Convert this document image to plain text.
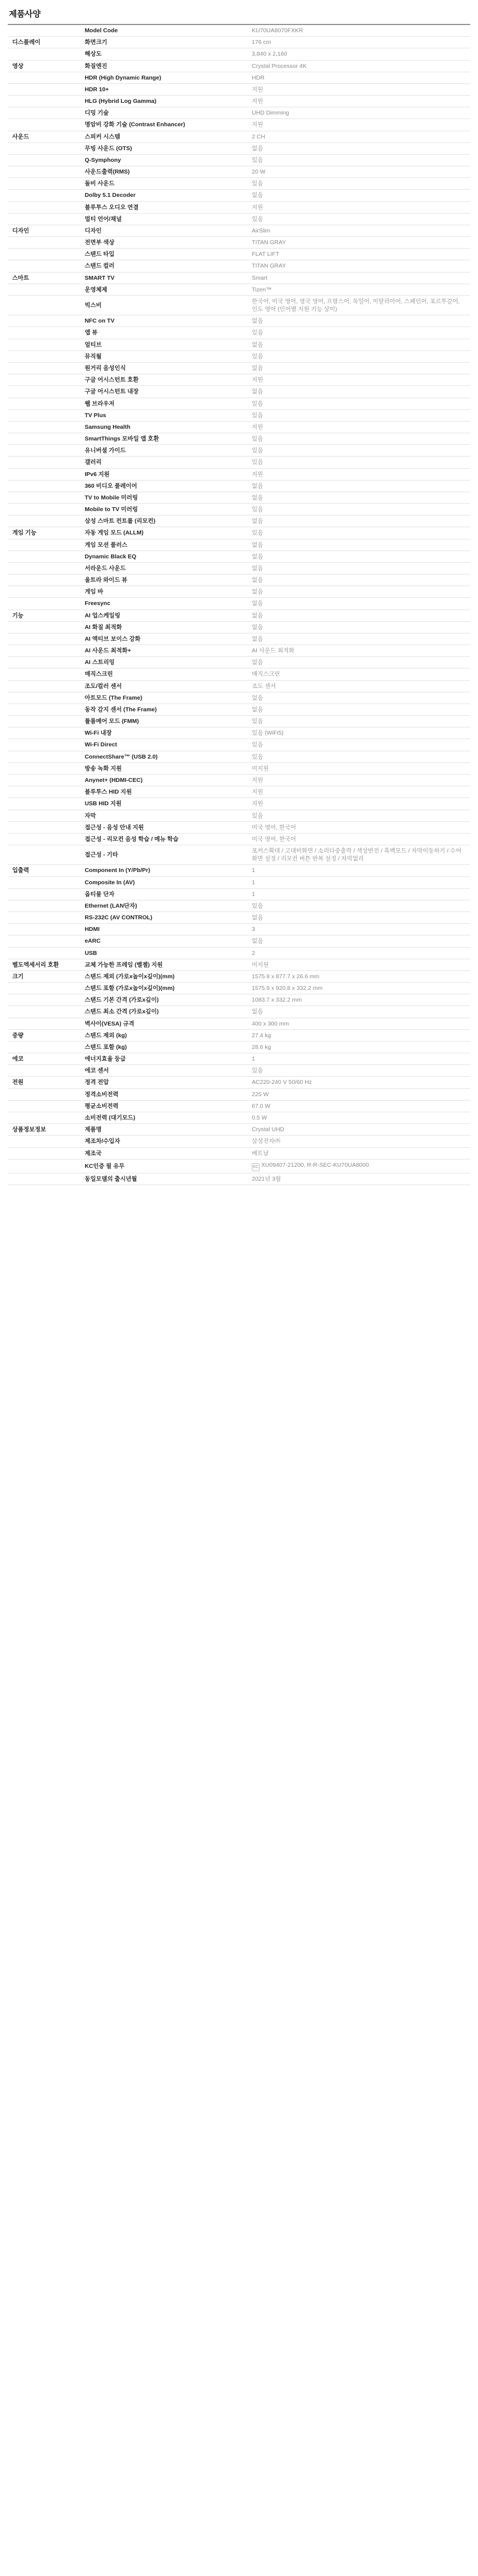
제품사양
	Model Code	KU70UA8070FXKR
디스플레이	화면크기	176 cm
	해상도	3,840 x 2,160
영상	화질엔진	Crystal Processor 4K
	HDR (High Dynamic Range)	HDR
	HDR 10+	지원
	HLG (Hybrid Log Gamma)	지원
	디밍 기술	UHD Dimming
	명암비 강화 기술 (Contrast Enhancer)	지원
사운드	스피커 시스템	2 CH
	무빙 사운드 (OTS)	없음
	Q-Symphony	있음
	사운드출력(RMS)	20 W
	돌비 사운드	있음
	Dolby 5.1 Decoder	없음
	블루투스 오디오 연결	지원
	멀티 언어/채널	있음
디자인	디자인	AirSlim
	전면부 색상	TITAN GRAY
	스탠드 타입	FLAT LIFT
	스탠드 컬러	TITAN GRAY
스마트	SMART TV	Smart
	운영체제	Tizen™
	빅스비	한국어, 미국 영어, 영국 영어, 프랑스어, 독일어, 이탈리아어, 스페인어, 포르투갈어, 인도 영어 (인어별 지원 기능 상이)
	NFC on TV	없음
	앱 뷰	있음
	얼티브	없음
	뮤직월	있음
	원거리 음성인식	없음
	구글 어시스턴트 호환	지원
	구글 어시스턴트 내장	없음
	웹 브라우저	있음
	TV Plus	있음
	Samsung Health	지원
	SmartThings 모바일 앱 호환	있음
	유니버셜 가이드	있음
	갤러리	있음
	IPv6 지원	지원
	360 비디오 플레이어	없음
	TV to Mobile 미러링	없음
	Mobile to TV 미러링	있음
	삼성 스마트 컨트롤 (리모컨)	없음
게임 기능	자동 게임 모드 (ALLM)	있음
	게임 모션 플러스	없음
	Dynamic Black EQ	없음
	서라운드 사운드	없음
	울트라 와이드 뷰	없음
	게임 바	없음
	Freesync	없음
기능	AI 업스케일링	없음
	AI 화질 최적화	없음
	AI 액티브 보이스 강화	없음
	AI 사운드 최적화+	AI 사운드 최적화
	AI 스트리밍	없음
	매직스크린	매직스크린
	조도/컬러 센서	조도 센서
	아트모드 (The Frame)	없음
	동작 감지 센서 (The Frame)	없음
	튤륨메어 모드 (FMM)	있음
	Wi-Fi 내장	있음 (WiFi5)
	Wi-Fi Direct	있음
	ConnectShare™ (USB 2.0)	있음
	방송 녹화 지원	미지원
	Anynet+ (HDMI-CEC)	지원
	블루투스 HID 지원	지원
	USB HID 지원	지원
	자막	있음
	접근성 - 음성 안내 지원	미국 영어, 한국어
	접근성 - 리모컨 음성 학습 / 메뉴 학습	미국 영어, 한국어
	접근성 - 기타	포커스확대 / 고대비화면 / 소리다중출력 / 색상반전 / 흑백모드 / 자막이동하기 / 수어화면 설정 / 리모컨 버튼 반복 설정 / 자막없리
입출력	Component In (Y/Pb/Pr)	1
	Composite In (AV)	1
	옵티물 단자	1
	Ethernet (LAN단자)	있음
	RS-232C (AV CONTROL)	없음
	HDMI	3
	eARC	없음
	USB	2
벨도엑세서리 호환	교체 가능한 프레임 (벨젤) 지원	미지원
크기	스탠드 제외 (가로x높이x깊이)(mm)	1575.9 x 877.7 x 26.6 mm
	스탠드 포함 (가로x높이x깊이)(mm)	1575.9 x 920.8 x 332.2 mm
	스탠드 기본 간격 (가로x깊이)	1083.7 x 332.2 mm
	스탠드 최소 간격 (가로x깊이)	없음
	벽사이(VESA) 규격	400 x 300 mm
중량	스탠드 제외 (kg)	27.4 kg
	스탠드 포함 (kg)	28.6 kg
에코	에너지효율 등급	1
	에코 센서	있음
전원	정격 전압	AC220-240 V 50/60 Hz
	정격소비전력	225 W
	평균소비전력	67.0 W
	소비전력 (대기모드)	0.5 W
상품정보정보	제품명	Crystal UHD
	제조차/수입자	삼성전자㈜
	제조국	베트남
	KC인증 필 유무	KC XU09407-21200, R-R-SEC-KU70UA8000
	동일모델의 출시년월	2021년 3월
